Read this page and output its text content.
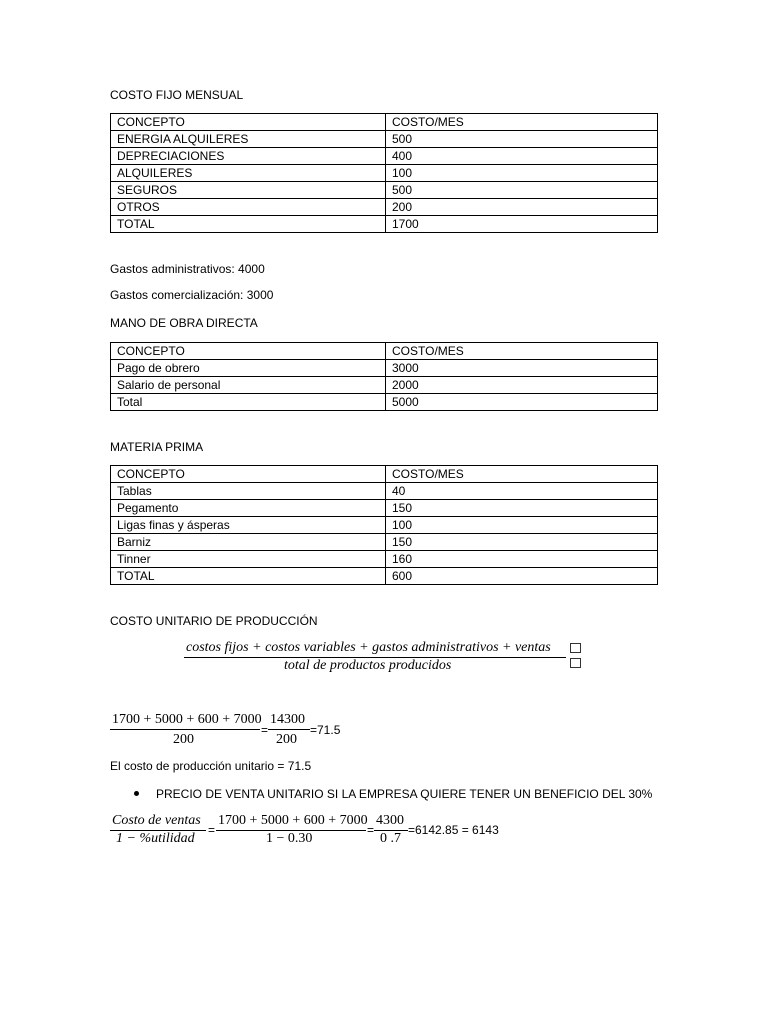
COSTO FIJO MENSUAL
CONCEPTO	COSTO/MES
ENERGIA ALQUILERES	500
DEPRECIACIONES	400
ALQUILERES	100
SEGUROS	500
OTROS	200
TOTAL	1700
Gastos administrativos: 4000
Gastos comercialización: 3000
MANO DE OBRA DIRECTA
CONCEPTO	COSTO/MES
Pago de obrero	3000
Salario de personal	2000
Total	5000
MATERIA PRIMA
CONCEPTO	COSTO/MES
Tablas	40
Pegamento	150
Ligas finas y ásperas	100
Barniz	150
Tinner	160
TOTAL	600
COSTO UNITARIO DE PRODUCCIÓN
costos fijos + costos variables + gastos administrativos + ventas
total de productos producidos
1700 + 5000 + 600 + 7000
200
=
14300
200
=71.5
El costo de producción unitario = 71.5
PRECIO DE VENTA UNITARIO SI LA EMPRESA QUIERE TENER UN BENEFICIO DEL 30%
Costo de ventas
1 − %utilidad
=
1700 + 5000 + 600 + 7000
1 − 0.30
=
4300
0 .7
=6142.85 = 6143
